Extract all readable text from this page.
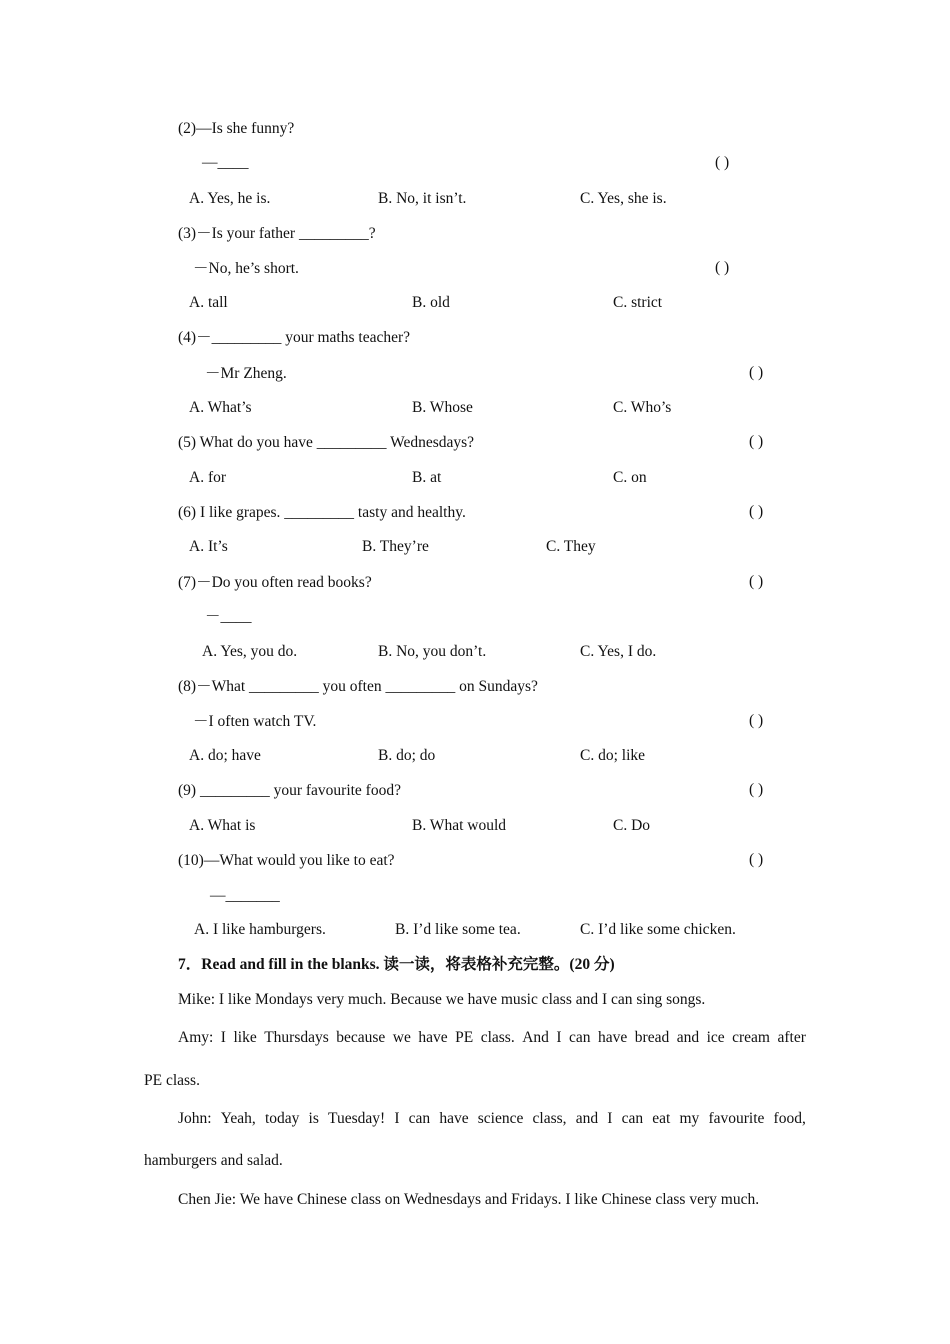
(2)—Is she funny?
—____	( )
A. Yes, he is.	B. No, it isn’t.	C. Yes, she is.
(3)－Is your father _________?
－No, he’s short.	( )
A. tall	B. old	C. strict
(4)－_________ your maths teacher?
－Mr Zheng.	( )
A. What’s	B. Whose	C. Who’s
(5) What do you have _________ Wednesdays?	( )
A. for	B. at	C. on
(6) I like grapes. _________ tasty and healthy.	( )
A. It’s	B. They’re	C. They
(7)－Do you often read books?	( )
－____
A. Yes, you do.	B. No, you don’t.	C. Yes, I do.
(8)－What _________ you often _________ on Sundays?
－I often watch TV.	( )
A. do; have	B. do; do	C. do; like
(9) _________ your favourite food?	( )
A. What is	B. What would	C. Do
(10)—What would you like to eat?	( )
—_______
A. I like hamburgers.	B. I’d like some tea.	C. I’d like some chicken.
7．Read and fill in the blanks. 读一读，将表格补充完整。(20 分)
Mike: I like Mondays very much. Because we have music class and I can sing songs.
Amy: I like Thursdays because we have PE class. And I can have bread and ice cream after
PE class.
John: Yeah, today is Tuesday! I can have science class, and I can eat my favourite food,
hamburgers and salad.
Chen Jie: We have Chinese class on Wednesdays and Fridays. I like Chinese class very much.
